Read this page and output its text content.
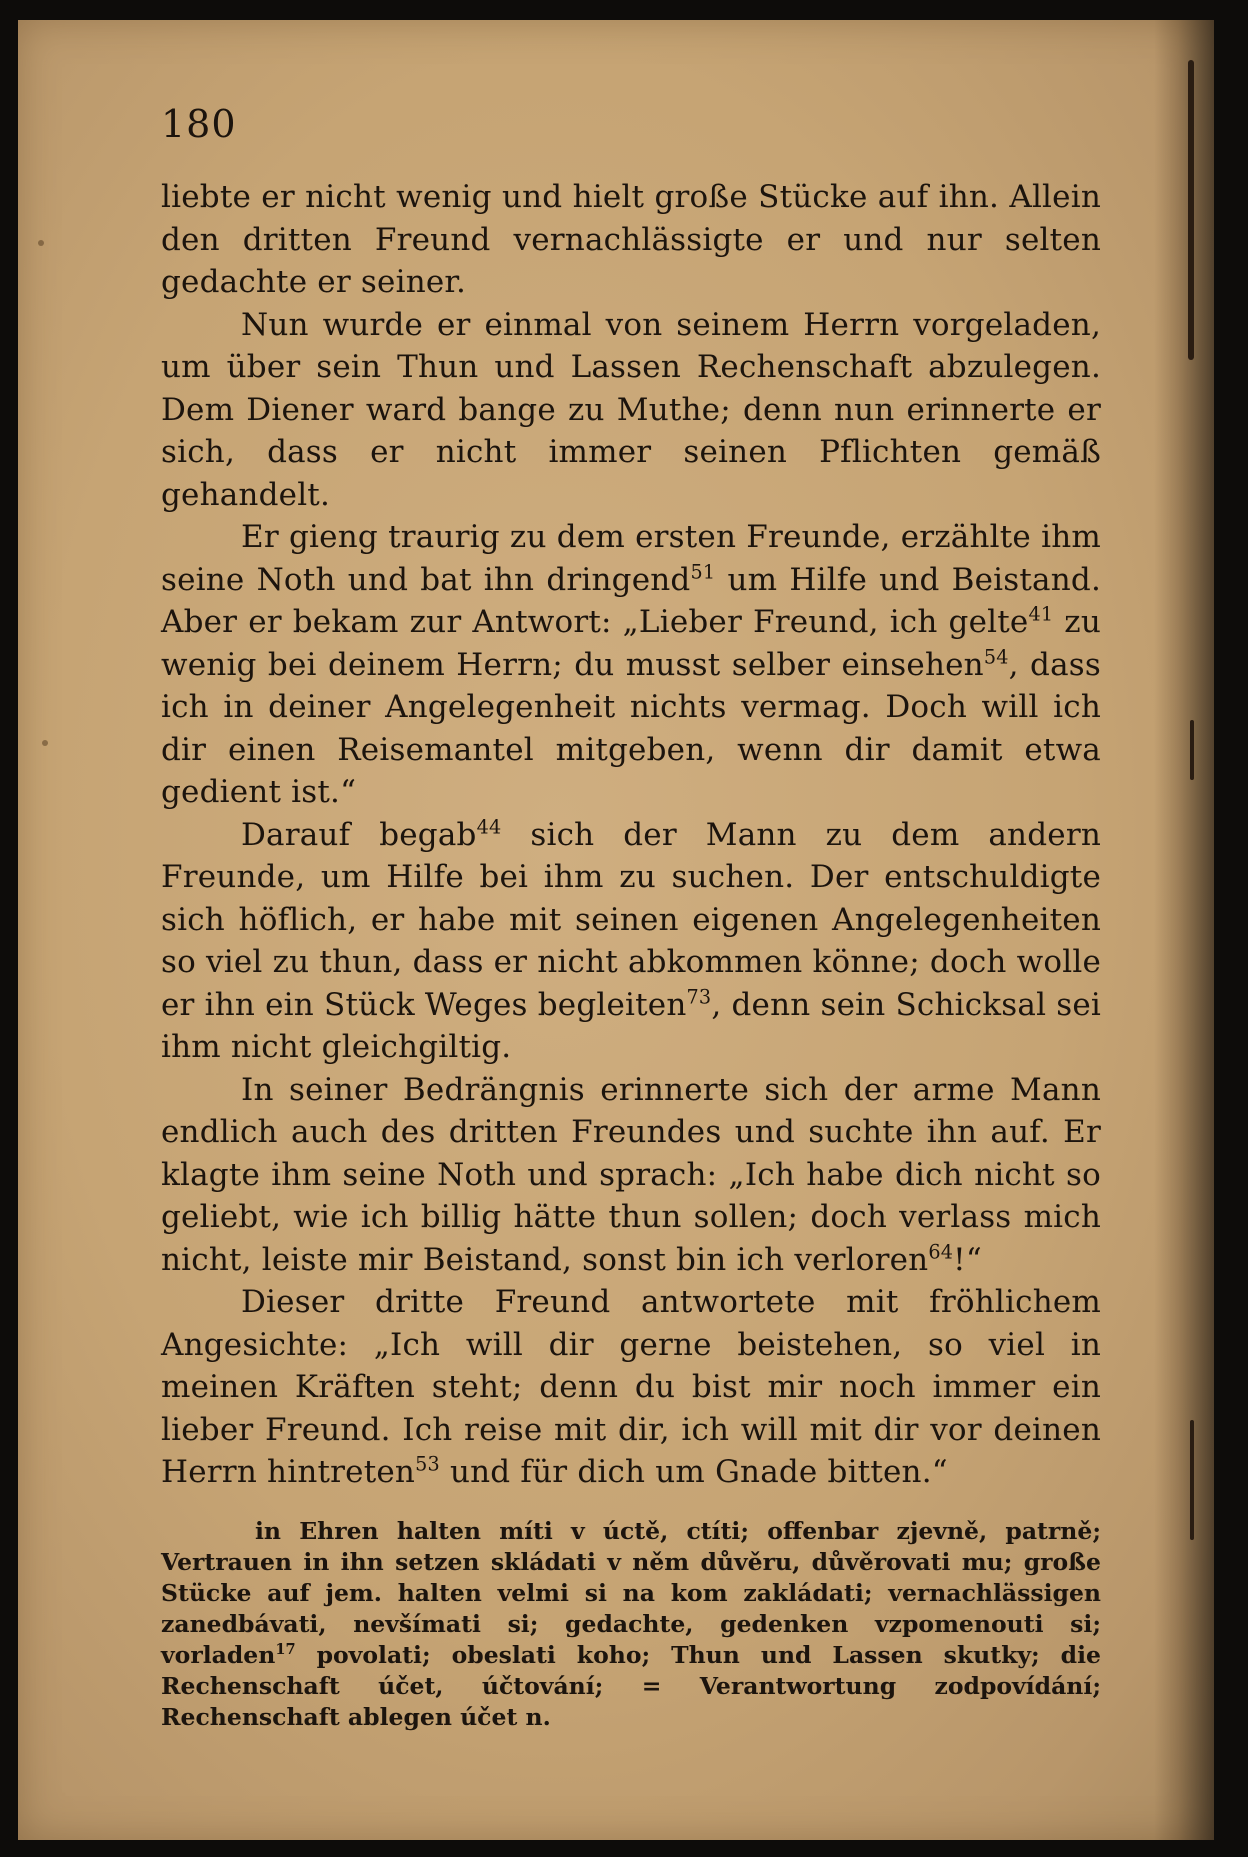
180

liebte er nicht wenig und hielt große Stücke auf ihn. Allein den dritten Freund vernachlässigte er und nur selten gedachte er seiner.

Nun wurde er einmal von seinem Herrn vorgeladen, um über sein Thun und Lassen Rechenschaft abzulegen. Dem Diener ward bange zu Muthe; denn nun erinnerte er sich, dass er nicht immer seinen Pflichten gemäß gehandelt.

Er gieng traurig zu dem ersten Freunde, erzählte ihm seine Noth und bat ihn dringend$^{51}$ um Hilfe und Beistand. Aber er bekam zur Antwort: „Lieber Freund, ich gelte$^{41}$ zu wenig bei deinem Herrn; du musst selber einsehen$^{54}$, dass ich in deiner Angelegenheit nichts vermag. Doch will ich dir einen Reisemantel mitgeben, wenn dir damit etwa gedient ist.“

Darauf begab$^{44}$ sich der Mann zu dem andern Freunde, um Hilfe bei ihm zu suchen. Der entschuldigte sich höflich, er habe mit seinen eigenen Angelegenheiten so viel zu thun, dass er nicht abkommen könne; doch wolle er ihn ein Stück Weges begleiten$^{73}$, denn sein Schicksal sei ihm nicht gleichgiltig.

In seiner Bedrängnis erinnerte sich der arme Mann endlich auch des dritten Freundes und suchte ihn auf. Er klagte ihm seine Noth und sprach: „Ich habe dich nicht so geliebt, wie ich billig hätte thun sollen; doch verlass mich nicht, leiste mir Beistand, sonst bin ich verloren$^{64}$!“

Dieser dritte Freund antwortete mit fröhlichem Angesichte: „Ich will dir gerne beistehen, so viel in meinen Kräften steht; denn du bist mir noch immer ein lieber Freund. Ich reise mit dir, ich will mit dir vor deinen Herrn hintreten$^{53}$ und für dich um Gnade bitten.“

in Ehren halten míti v úctě, ctíti; offenbar zjevně, patrně; Vertrauen in ihn setzen skládati v něm důvěru, důvěrovati mu; große Stücke auf jem. halten velmi si na kom zakládati; vernachlässigen zanedbávati, nevšímati si; gedachte, gedenken vzpomenouti si; vorladen$^{17}$ povolati; obeslati koho; Thun und Lassen skutky; die Rechenschaft účet, účtování; = Verantwortung zodpovídání; Rechenschaft ablegen účet n.
